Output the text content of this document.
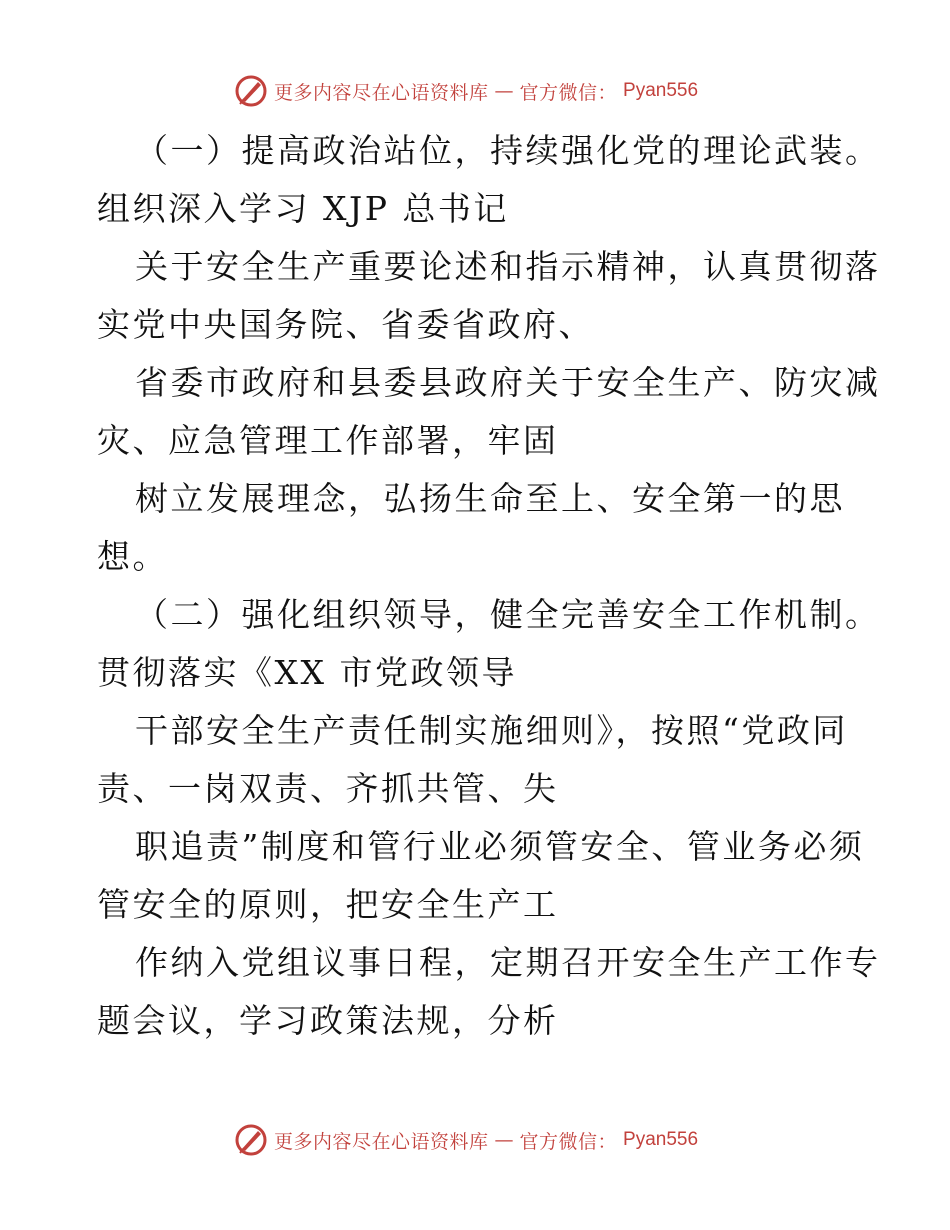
更多内容尽在心语资料库 — 官方微信： Pyan556
（一）提高政治站位，持续强化党的理论武装。
组织深入学习 XJP 总书记
关于安全生产重要论述和指示精神，认真贯彻落
实党中央国务院、省委省政府、
省委市政府和县委县政府关于安全生产、防灾减
灾、应急管理工作部署，牢固
树立发展理念，弘扬生命至上、安全第一的思
想。
（二）强化组织领导，健全完善安全工作机制。
贯彻落实《XX 市党政领导
干部安全生产责任制实施细则》，按照“党政同
责、一岗双责、齐抓共管、失
职追责”制度和管行业必须管安全、管业务必须
管安全的原则，把安全生产工
作纳入党组议事日程，定期召开安全生产工作专
题会议，学习政策法规，分析
更多内容尽在心语资料库 — 官方微信： Pyan556
